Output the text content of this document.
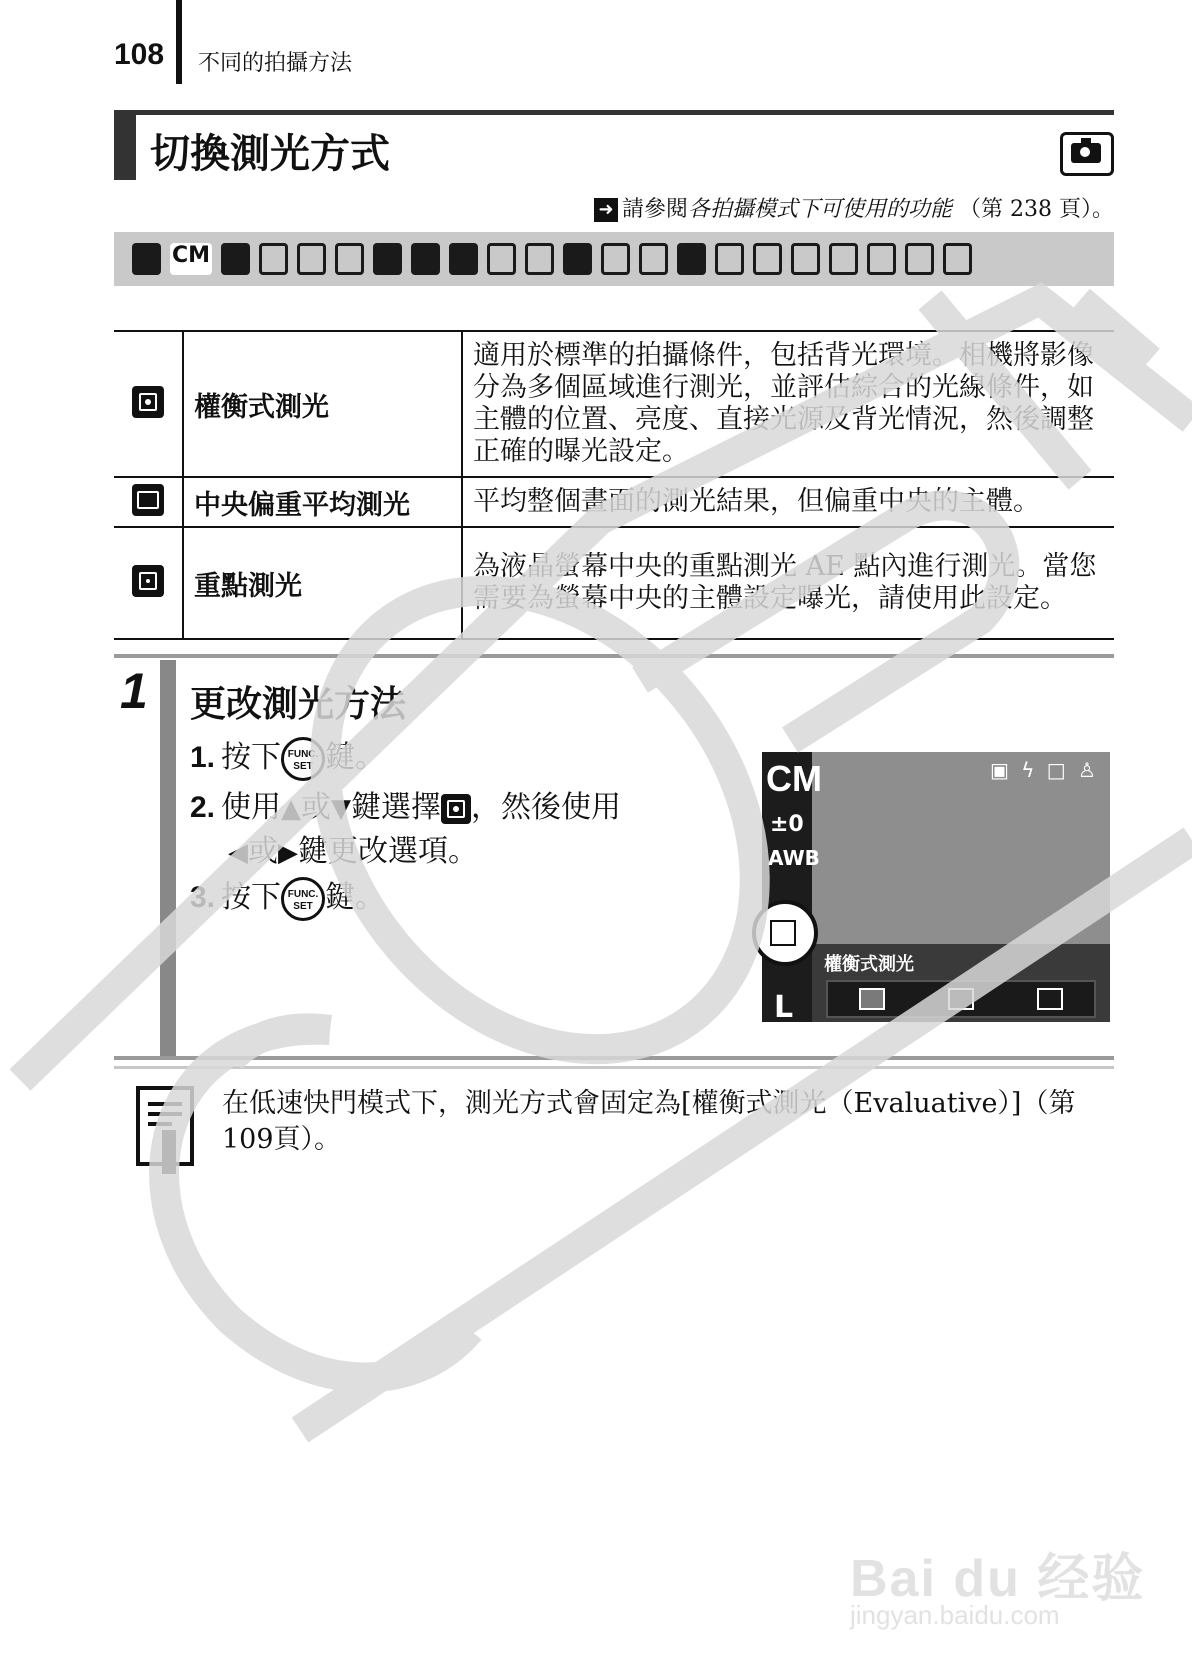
108 不同的拍攝方法
切換測光方式
➜ 請參閱各拍攝模式下可使用的功能 （第 238 頁）。
CM
	權衡式測光	適用於標準的拍攝條件，包括背光環境。相機將影像分為多個區域進行測光，並評估綜合的光線條件，如主體的位置、亮度、直接光源及背光情況，然後調整正確的曝光設定。

	中央偏重平均測光	平均整個畫面的測光結果，但偏重中央的主體。

	重點測光	為液晶螢幕中央的重點測光 AE 點內進行測光。當您需要為螢幕中央的主體設定曝光，請使用此設定。
1 更改測光方法
1. 按下 FUNC.
SET 鍵。
2. 使用▲或▼鍵選擇 ，然後使用
◀或▶鍵更改選項。
3. 按下 FUNC.
SET 鍵。
CM
±0
AWB
L
▣ ϟ □ ♙
權衡式測光
在低速快門模式下，測光方式會固定為[權衡式測光（Evaluative）]（第109頁）。
Bai du 经验
jingyan.baidu.com
